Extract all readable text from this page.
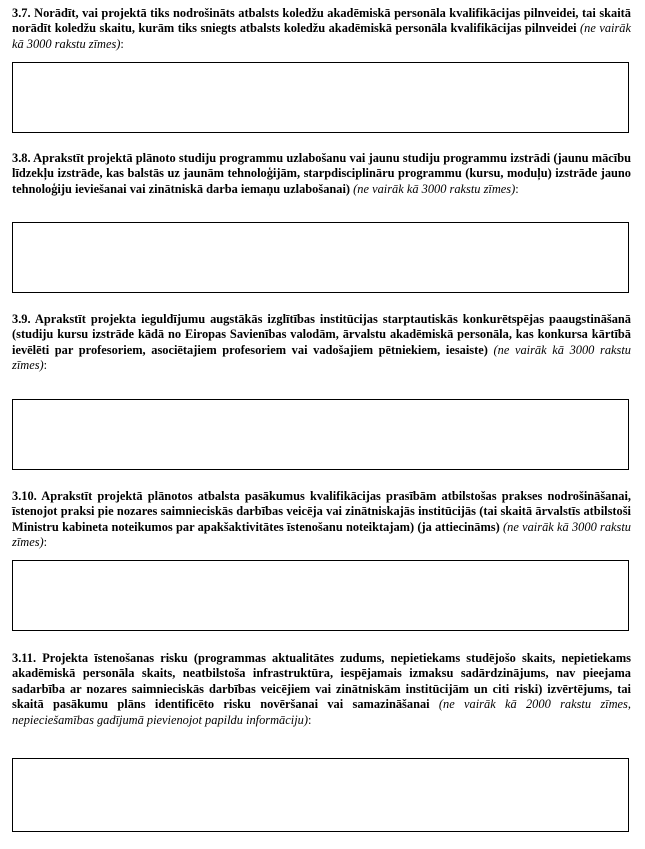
3.7. Norādīt, vai projektā tiks nodrošināts atbalsts koledžu akadēmiskā personāla kvalifikācijas pilnveidei, tai skaitā norādīt koledžu skaitu, kurām tiks sniegts atbalsts koledžu akadēmiskā personāla kvalifikācijas pilnveidei (ne vairāk kā 3000 rakstu zīmes):

3.8. Aprakstīt projektā plānoto studiju programmu uzlabošanu vai jaunu studiju programmu izstrādi (jaunu mācību līdzekļu izstrāde, kas balstās uz jaunām tehnoloģijām, starpdisciplināru programmu (kursu, moduļu) izstrāde jauno tehnoloģiju ieviešanai vai zinātniskā darba iemaņu uzlabošanai) (ne vairāk kā 3000 rakstu zīmes):

3.9. Aprakstīt projekta ieguldījumu augstākās izglītības institūcijas starptautiskās konkurētspējas paaugstināšanā (studiju kursu izstrāde kādā no Eiropas Savienības valodām, ārvalstu akadēmiskā personāla, kas konkursa kārtībā ievēlēti par profesoriem, asociētajiem profesoriem vai vadošajiem pētniekiem, iesaiste) (ne vairāk kā 3000 rakstu zīmes):

3.10. Aprakstīt projektā plānotos atbalsta pasākumus kvalifikācijas prasībām atbilstošas prakses nodrošināšanai, īstenojot praksi pie nozares saimnieciskās darbības veicēja vai zinātniskajās institūcijās (tai skaitā ārvalstīs atbilstoši Ministru kabineta noteikumos par apakšaktivitātes īstenošanu noteiktajam) (ja attiecināms) (ne vairāk kā 3000 rakstu zīmes):

3.11. Projekta īstenošanas risku (programmas aktualitātes zudums, nepietiekams studējošo skaits, nepietiekams akadēmiskā personāla skaits, neatbilstoša infrastruktūra, iespējamais izmaksu sadārdzinājums, nav pieejama sadarbība ar nozares saimnieciskās darbības veicējiem vai zinātniskām institūcijām un citi riski) izvērtējums, tai skaitā pasākumu plāns identificēto risku novēršanai vai samazināšanai (ne vairāk kā 2000 rakstu zīmes, nepieciešamības gadījumā pievienojot papildu informāciju):
